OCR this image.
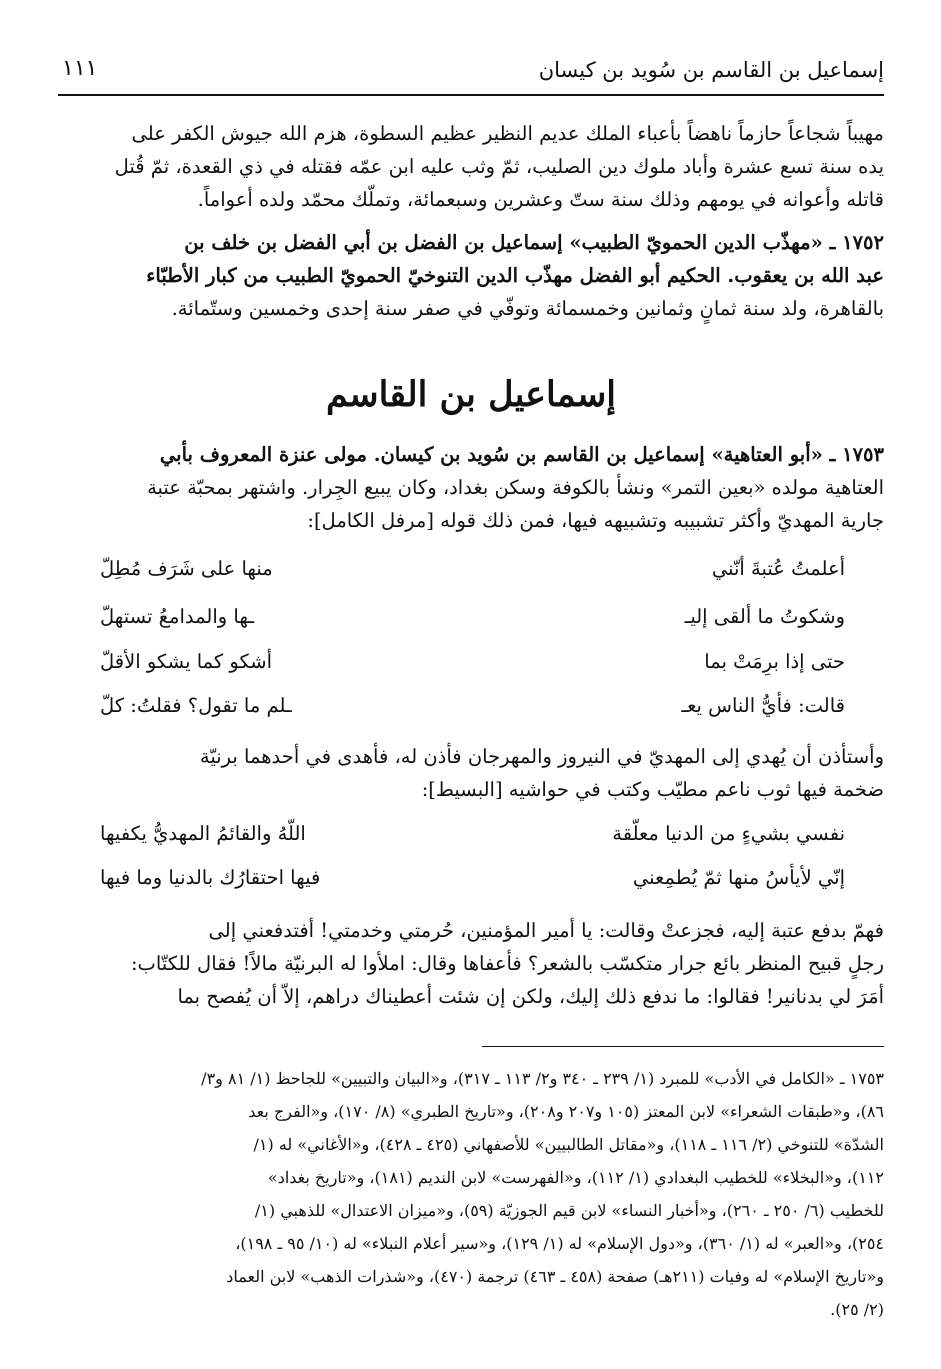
إسماعيل بن القاسم بن سُويد بن كيسان
١١١
مهيباً شجاعاً حازماً ناهضاً بأعباء الملك عديم النظير عظيم السطوة، هزم الله جيوش الكفر على
يده سنة تسع عشرة وأباد ملوك دين الصليب، ثمّ وثب عليه ابن عمّه فقتله في ذي القعدة، ثمّ قُتل
قاتله وأعوانه في يومهم وذلك سنة ستّ وعشرين وسبعمائة، وتملّك محمّد ولده أعواماً.
١٧٥٢ ـ «مهذّب الدين الحمويّ الطبيب» إسماعيل بن الفضل بن أبي الفضل بن خلف بن
عبد الله بن يعقوب. الحكيم أبو الفضل مهذّب الدين التنوخيّ الحمويّ الطبيب من كبار الأطبّاء
بالقاهرة، ولد سنة ثمانٍ وثمانين وخمسمائة وتوفّي في صفر سنة إحدى وخمسين وستّمائة.
إسماعيل بن القاسم
١٧٥٣ ـ «أبو العتاهية» إسماعيل بن القاسم بن سُويد بن كيسان. مولى عنزة المعروف بأبي
العتاهية مولده «بعين التمر» ونشأ بالكوفة وسكن بغداد، وكان يبيع الجِرار. واشتهر بمحبّة عتبة
جارية المهديّ وأكثر تشبيبه وتشبيهه فيها، فمن ذلك قوله [مرفل الكامل]:
أعلمتُ عُتبةَ أنّني
منها على شَرَف مُطِلّ
وشكوتُ ما ألقى إليـ
ـها والمدامعُ تستهلّ
حتى إذا برِمَتْ بما
أشكو كما يشكو الأقلّ
قالت: فأيُّ الناس يعـ
ـلم ما تقول؟ فقلتُ: كلّ
وأستأذن أن يُهدي إلى المهديّ في النيروز والمهرجان فأذن له، فأهدى في أحدهما برنيّة
ضخمة فيها ثوب ناعم مطيّب وكتب في حواشيه [البسيط]:
نفسي بشيءٍ من الدنيا معلّقة
اللّهُ والقائمُ المهديُّ يكفيها
إنّي لأيأسُ منها ثمّ يُطمِعني
فيها احتقارُك بالدنيا وما فيها
فهمّ بدفع عتبة إليه، فجزعتْ وقالت: يا أمير المؤمنين، حُرمتي وخدمتي! أفتدفعني إلى
رجلٍ قبيح المنظر بائع جرار متكسّب بالشعر؟ فأعفاها وقال: املأوا له البرنيّة مالاً! فقال للكتّاب:
أمَرَ لي بدنانير! فقالوا: ما ندفع ذلك إليك، ولكن إن شئت أعطيناك دراهم، إلاّ أن يُفصح بما
١٧٥٣ ـ «الكامل في الأدب» للمبرد (١/ ٢٣٩ ـ ٣٤٠ و٢/ ١١٣ ـ ٣١٧)، و«البيان والتبيين» للجاحظ (١/ ٨١ و٣/
٨٦)، و«طبقات الشعراء» لابن المعتز (١٠٥ و٢٠٧ و٢٠٨)، و«تاريخ الطبري» (٨/ ١٧٠)، و«الفرج بعد
الشدّة» للتنوخي (٢/ ١١٦ ـ ١١٨)، و«مقاتل الطالبيين» للأصفهاني (٤٢٥ ـ ٤٢٨)، و«الأغاني» له (١/
١١٢)، و«البخلاء» للخطيب البغدادي (١/ ١١٢)، و«الفهرست» لابن النديم (١٨١)، و«تاريخ بغداد»
للخطيب (٦/ ٢٥٠ ـ ٢٦٠)، و«أخبار النساء» لابن قيم الجوزيّة (٥٩)، و«ميزان الاعتدال» للذهبي (١/
٢٥٤)، و«العبر» له (١/ ٣٦٠)، و«دول الإسلام» له (١/ ١٢٩)، و«سير أعلام النبلاء» له (١٠/ ٩٥ ـ ١٩٨)،
و«تاريخ الإسلام» له وفيات (٢١١هـ) صفحة (٤٥٨ ـ ٤٦٣) ترجمة (٤٧٠)، و«شذرات الذهب» لابن العماد
(٢/ ٢٥).
